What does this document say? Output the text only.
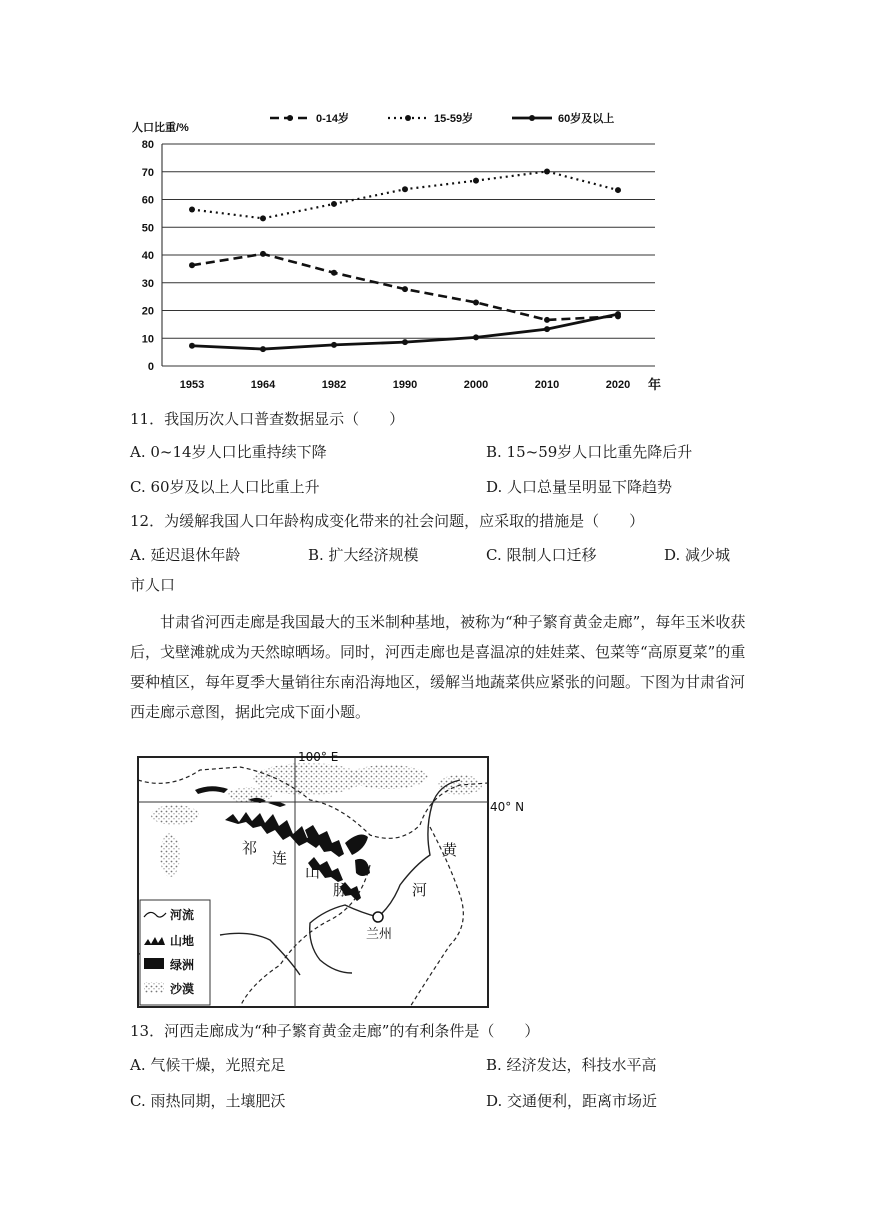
0-14岁	15-59岁	60岁及以上
人口比重/%
0
10
20
30
40
50
60
70
80
1953	1964	1982	1990	2000	2010	2020 年
11．我国历次人口普查数据显示（　　）
A. 0~14岁人口比重持续下降	B. 15~59岁人口比重先降后升
C. 60岁及以上人口比重上升	D. 人口总量呈明显下降趋势
12．为缓解我国人口年龄构成变化带来的社会问题，应采取的措施是（　　）
A. 延迟退休年龄	B. 扩大经济规模	C. 限制人口迁移	D. 减少城
市人口
甘肃省河西走廊是我国最大的玉米制种基地，被称为“种子繁育黄金走廊”，每年玉米收获后，戈壁滩就成为天然晾晒场。同时，河西走廊也是喜温凉的娃娃菜、包菜等“高原夏菜”的重要种植区，每年夏季大量销往东南沿海地区，缓解当地蔬菜供应紧张的问题。下图为甘肃省河西走廊示意图，据此完成下面小题。
100° E
40° N
祁
连
山
脉
黄
河
兰州
河流
山地
绿洲
沙漠
13．河西走廊成为“种子繁育黄金走廊”的有利条件是（　　）
A. 气候干燥，光照充足	B. 经济发达，科技水平高
C. 雨热同期，土壤肥沃	D. 交通便利，距离市场近
